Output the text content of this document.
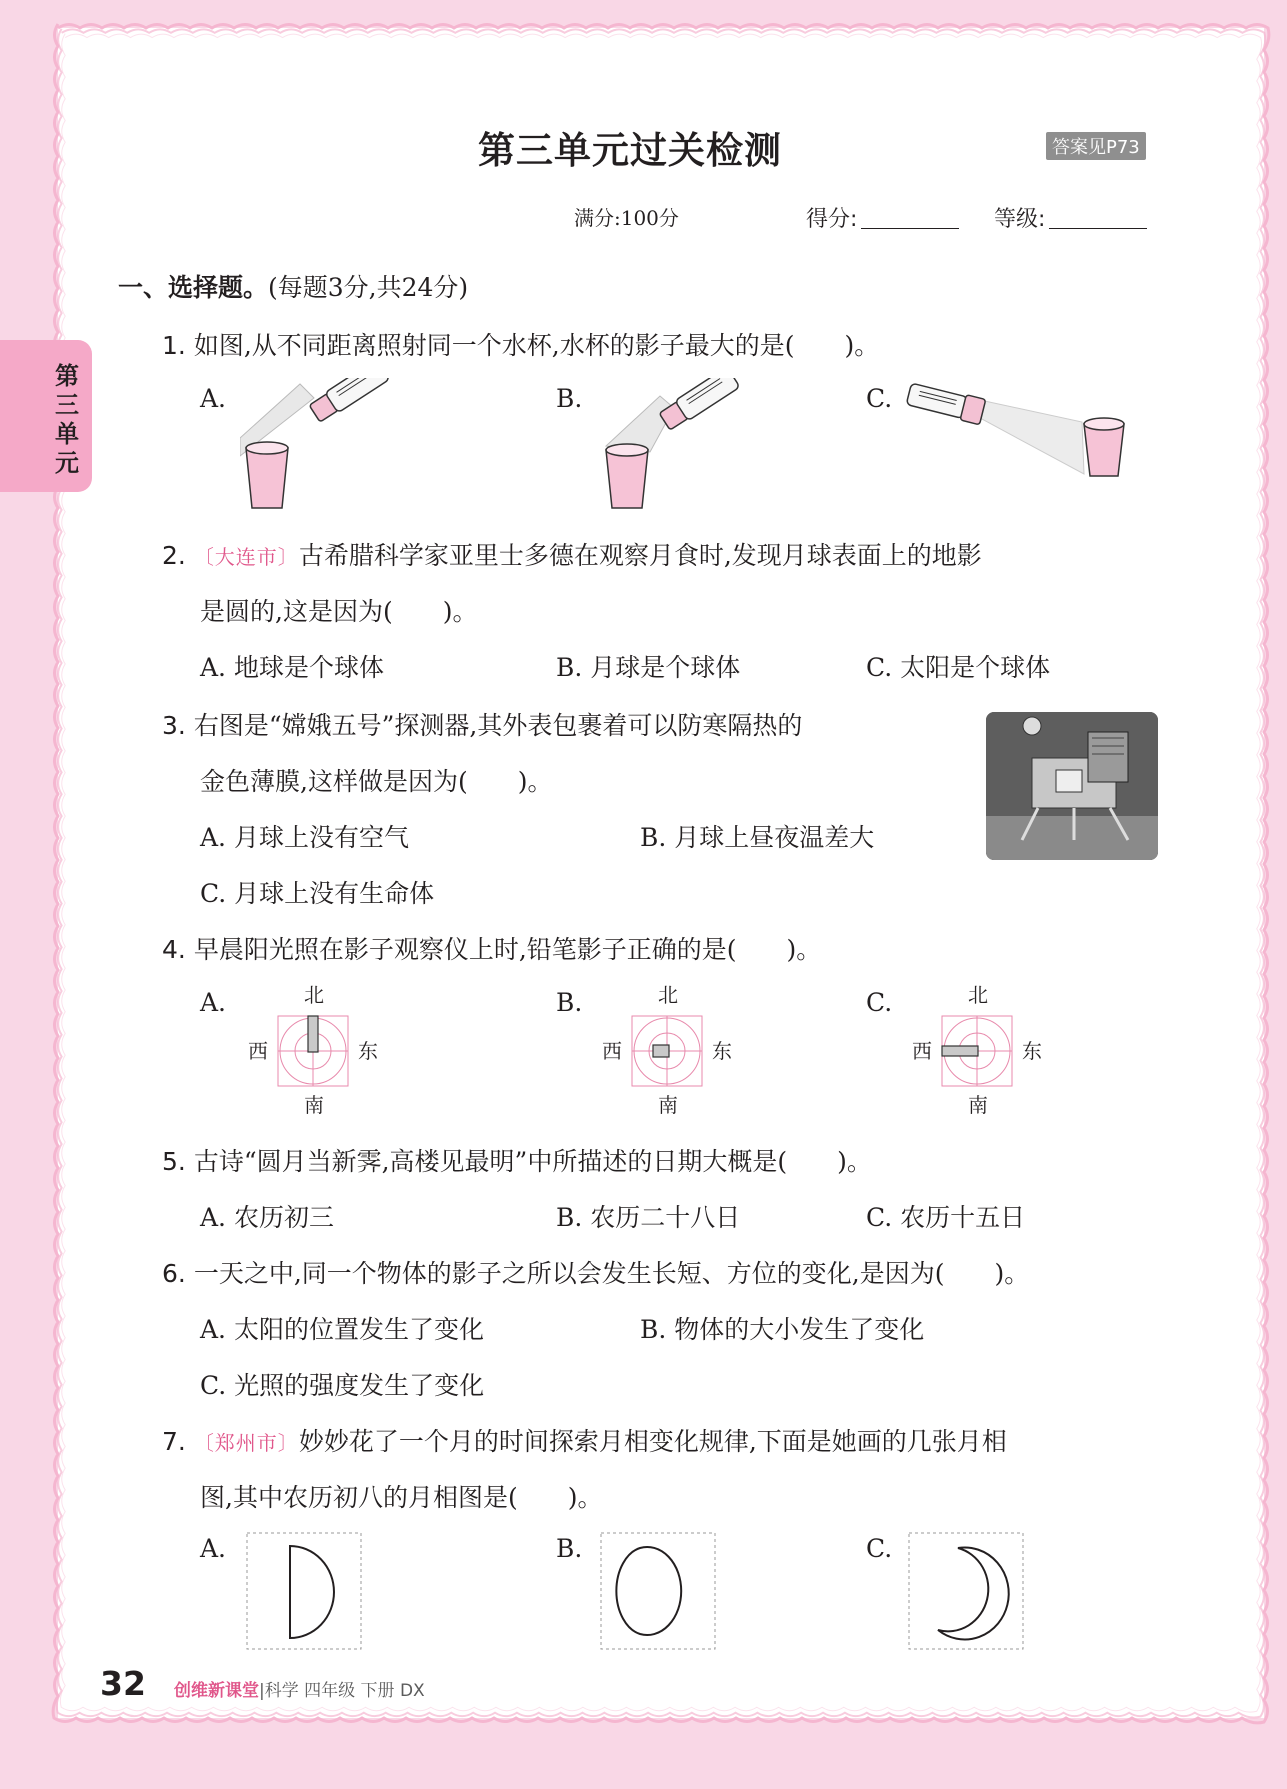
第三单元
第三单元过关检测	答案见P73
满分:100分	得分:	等级:
一、选择题。(每题3分,共24分)
1. 如图,从不同距离照射同一个水杯,水杯的影子最大的是(　　)。
A.	B.	C.
2. 〔大连市〕古希腊科学家亚里士多德在观察月食时,发现月球表面上的地影
是圆的,这是因为(　　)。
A. 地球是个球体	B. 月球是个球体	C. 太阳是个球体
3. 右图是“嫦娥五号”探测器,其外表包裹着可以防寒隔热的
金色薄膜,这样做是因为(　　)。
A. 月球上没有空气	B. 月球上昼夜温差大
C. 月球上没有生命体
4. 早晨阳光照在影子观察仪上时,铅笔影子正确的是(　　)。
A.	B.	C.
北
南
西	东
北
南
西	东
北
南
西	东
5. 古诗“圆月当新霁,高楼见最明”中所描述的日期大概是(　　)。
A. 农历初三	B. 农历二十八日	C. 农历十五日
6. 一天之中,同一个物体的影子之所以会发生长短、方位的变化,是因为(　　)。
A. 太阳的位置发生了变化	B. 物体的大小发生了变化
C. 光照的强度发生了变化
7. 〔郑州市〕妙妙花了一个月的时间探索月相变化规律,下面是她画的几张月相
图,其中农历初八的月相图是(　　)。
A.	B.	C.
32 创维新课堂|科学 四年级 下册 DX
